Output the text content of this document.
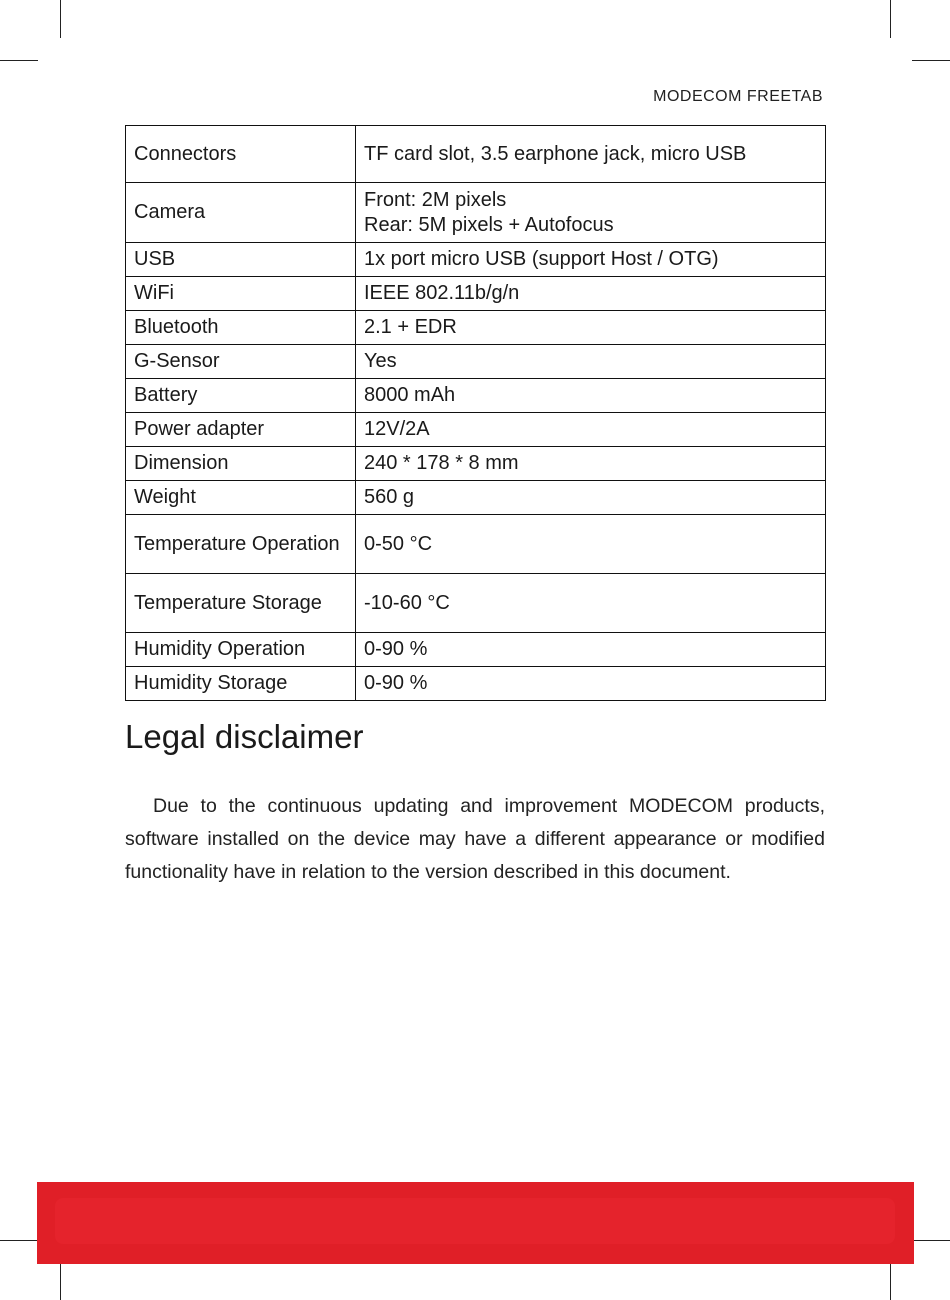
MODECOM FREETAB
Connectors	TF card slot, 3.5 earphone jack, micro USB

Camera	Front: 2M pixels
Rear: 5M pixels + Autofocus

USB	1x port micro USB (support Host / OTG)

WiFi	IEEE 802.11b/g/n

Bluetooth	2.1 + EDR

G-Sensor	Yes

Battery	8000 mAh

Power adapter	12V/2A

Dimension	240 * 178 * 8 mm

Weight	560 g

Temperature Operation	0-50 °C

Temperature Storage	-10-60 °C

Humidity Operation	0-90 %

Humidity Storage	0-90 %
Legal disclaimer

Due to the continuous updating and improvement MODECOM products, software installed on the device may have a different appearance or modified functionality have in relation to the version described in this document.
